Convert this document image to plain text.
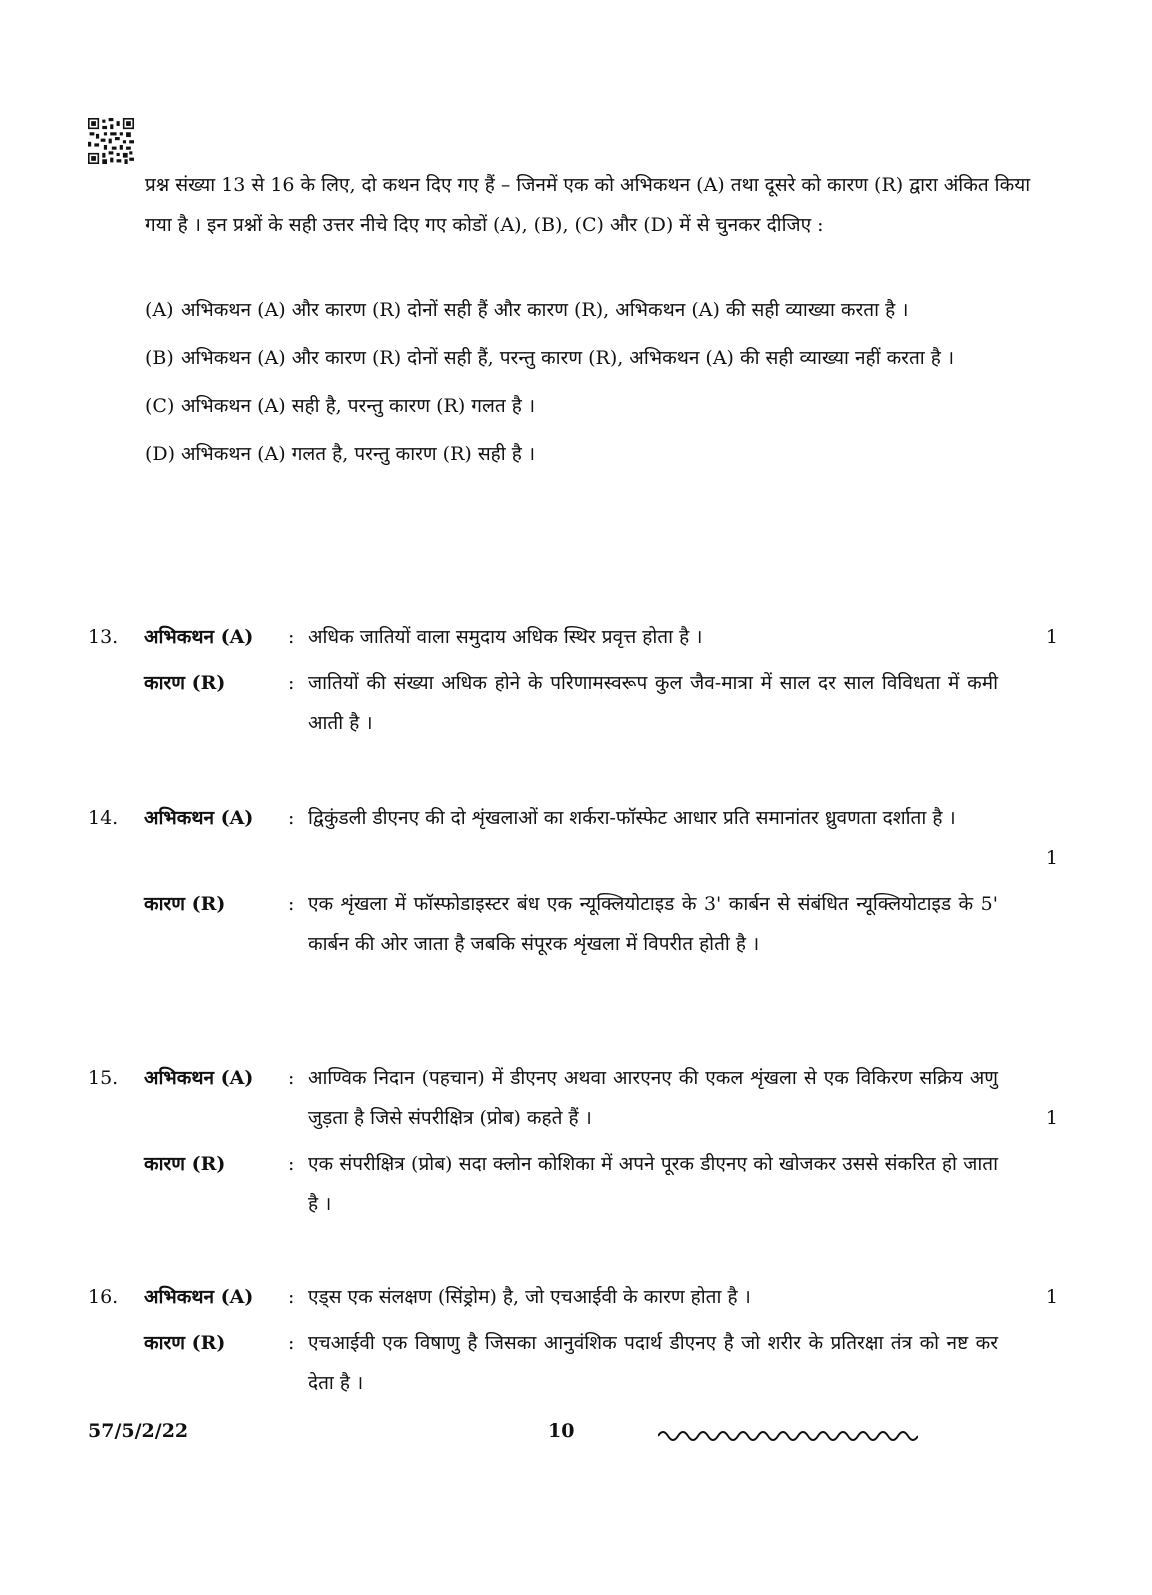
प्रश्न संख्या 13 से 16 के लिए, दो कथन दिए गए हैं – जिनमें एक को अभिकथन (A) तथा दूसरे को कारण (R) द्वारा अंकित किया गया है । इन प्रश्नों के सही उत्तर नीचे दिए गए कोडों (A), (B), (C) और (D) में से चुनकर दीजिए :
(A) अभिकथन (A) और कारण (R) दोनों सही हैं और कारण (R), अभिकथन (A) की सही व्याख्या करता है ।
(B) अभिकथन (A) और कारण (R) दोनों सही हैं, परन्तु कारण (R), अभिकथन (A) की सही व्याख्या नहीं करता है ।
(C) अभिकथन (A) सही है, परन्तु कारण (R) गलत है ।
(D) अभिकथन (A) गलत है, परन्तु कारण (R) सही है ।
13.	अभिकथन (A)	: अधिक जातियों वाला समुदाय अधिक स्थिर प्रवृत्त होता है ।	1
कारण (R)	: जातियों की संख्या अधिक होने के परिणामस्वरूप कुल जैव-मात्रा में साल दर साल विविधता में कमी आती है ।
14.	अभिकथन (A)	: द्विकुंडली डीएनए की दो शृंखलाओं का शर्करा-फॉस्फेट आधार प्रति समानांतर ध्रुवणता दर्शाता है ।
1
कारण (R)	: एक शृंखला में फॉस्फोडाइस्टर बंध एक न्यूक्लियोटाइड के 3' कार्बन से संबंधित न्यूक्लियोटाइड के 5' कार्बन की ओर जाता है जबकि संपूरक शृंखला में विपरीत होती है ।
15.	अभिकथन (A)	: आण्विक निदान (पहचान) में डीएनए अथवा आरएनए की एकल शृंखला से एक विकिरण सक्रिय अणु जुड़ता है जिसे संपरीक्षित्र (प्रोब) कहते हैं ।	1
कारण (R)	: एक संपरीक्षित्र (प्रोब) सदा क्लोन कोशिका में अपने पूरक डीएनए को खोजकर उससे संकरित हो जाता है ।
16.	अभिकथन (A)	: एड्स एक संलक्षण (सिंड्रोम) है, जो एचआईवी के कारण होता है ।	1
कारण (R)	: एचआईवी एक विषाणु है जिसका आनुवंशिक पदार्थ डीएनए है जो शरीर के प्रतिरक्षा तंत्र को नष्ट कर देता है ।
57/5/2/22	10
